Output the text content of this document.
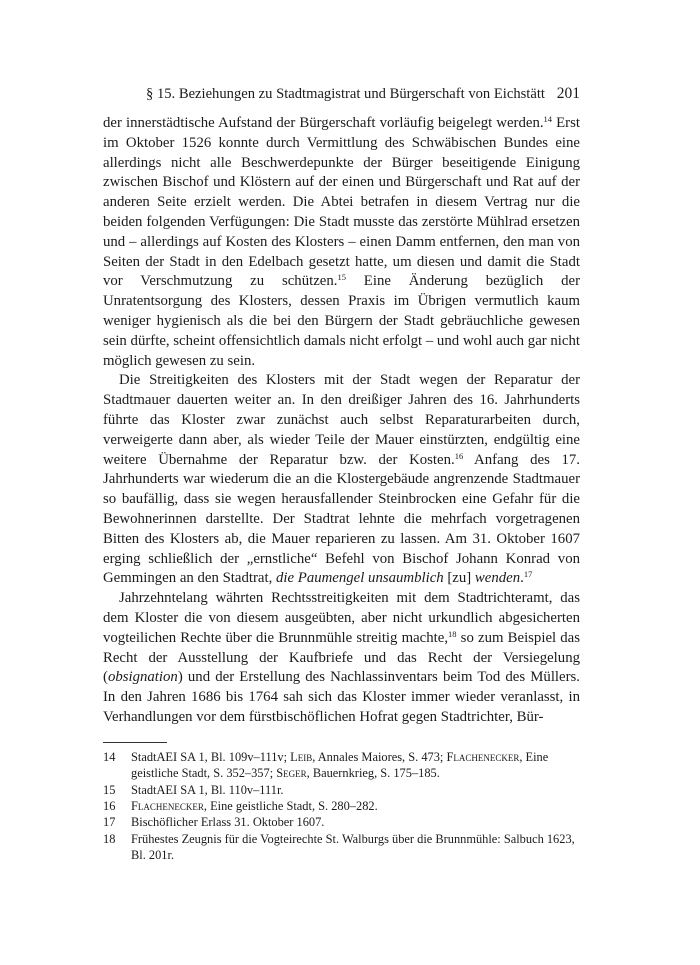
§ 15. Beziehungen zu Stadtmagistrat und Bürgerschaft von Eichstätt 201

der innerstädtische Aufstand der Bürgerschaft vorläufig beigelegt werden.$^{14}$ Erst im Oktober 1526 konnte durch Vermittlung des Schwäbischen Bundes eine allerdings nicht alle Beschwerdepunkte der Bürger beseitigende Einigung zwischen Bischof und Klöstern auf der einen und Bürgerschaft und Rat auf der anderen Seite erzielt werden. Die Abtei betrafen in diesem Vertrag nur die beiden folgenden Verfügungen: Die Stadt musste das zerstörte Mühlrad ersetzen und – allerdings auf Kosten des Klosters – einen Damm entfernen, den man von Seiten der Stadt in den Edelbach gesetzt hatte, um diesen und damit die Stadt vor Verschmutzung zu schützen.$^{15}$ Eine Änderung bezüglich der Unratentsorgung des Klosters, dessen Praxis im Übrigen vermutlich kaum weniger hygienisch als die bei den Bürgern der Stadt gebräuchliche gewesen sein dürfte, scheint offensichtlich damals nicht erfolgt – und wohl auch gar nicht möglich gewesen zu sein.

Die Streitigkeiten des Klosters mit der Stadt wegen der Reparatur der Stadtmauer dauerten weiter an. In den dreißiger Jahren des 16. Jahrhunderts führte das Kloster zwar zunächst auch selbst Reparaturarbeiten durch, verweigerte dann aber, als wieder Teile der Mauer einstürzten, endgültig eine weitere Übernahme der Reparatur bzw. der Kosten.$^{16}$ Anfang des 17. Jahrhunderts war wiederum die an die Klostergebäude angrenzende Stadtmauer so baufällig, dass sie wegen herausfallender Steinbrocken eine Gefahr für die Bewohnerinnen darstellte. Der Stadtrat lehnte die mehrfach vorgetragenen Bitten des Klosters ab, die Mauer reparieren zu lassen. Am 31. Oktober 1607 erging schließlich der „ernstliche“ Befehl von Bischof Johann Konrad von Gemmingen an den Stadtrat, die Paumengel unsaumblich [zu] wenden.$^{17}$

Jahrzehntelang währten Rechtsstreitigkeiten mit dem Stadtrichteramt, das dem Kloster die von diesem ausgeübten, aber nicht urkundlich abgesicherten vogteilichen Rechte über die Brunnmühle streitig machte,$^{18}$ so zum Beispiel das Recht der Ausstellung der Kaufbriefe und das Recht der Versiegelung (obsignation) und der Erstellung des Nachlassinventars beim Tod des Müllers. In den Jahren 1686 bis 1764 sah sich das Kloster immer wieder veranlasst, in Verhandlungen vor dem fürstbischöflichen Hofrat gegen Stadtrichter, Bür-

14 StadtAEI SA 1, Bl. 109v–111v; Leib, Annales Maiores, S. 473; Flachenecker, Eine geistliche Stadt, S. 352–357; Seger, Bauernkrieg, S. 175–185.
15 StadtAEI SA 1, Bl. 110v–111r.
16 Flachenecker, Eine geistliche Stadt, S. 280–282.
17 Bischöflicher Erlass 31. Oktober 1607.
18 Frühestes Zeugnis für die Vogteirechte St. Walburgs über die Brunnmühle: Salbuch 1623, Bl. 201r.
